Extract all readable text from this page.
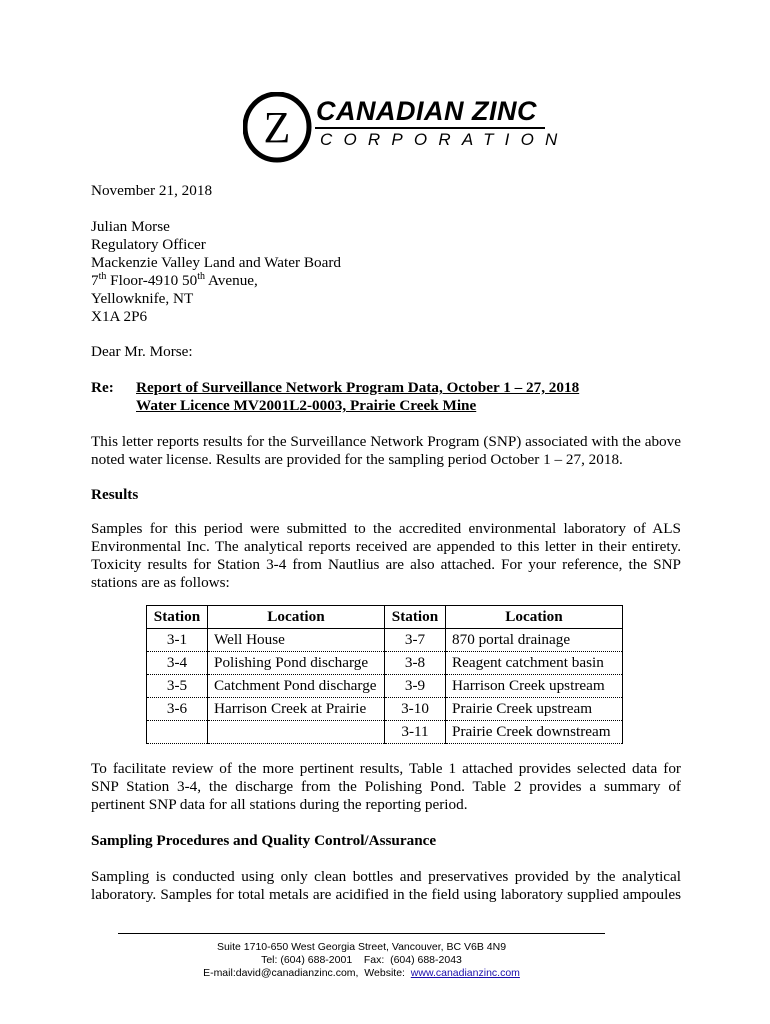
Z CANADIAN ZINC
CORPORATION
November 21, 2018
Julian Morse
Regulatory Officer
Mackenzie Valley Land and Water Board
7th Floor-4910 50th Avenue,
Yellowknife, NT
X1A 2P6
Dear Mr. Morse:
Re: Report of Surveillance Network Program Data, October 1 – 27, 2018
Water Licence MV2001L2-0003, Prairie Creek Mine
This letter reports results for the Surveillance Network Program (SNP) associated with the above
noted water license. Results are provided for the sampling period October 1 – 27, 2018.
Results
Samples for this period were submitted to the accredited environmental laboratory of ALS
Environmental Inc. The analytical reports received are appended to this letter in their entirety.
Toxicity results for Station 3-4 from Nautlius are also attached. For your reference, the SNP
stations are as follows:
Station	Location	Station	Location
3-1	Well House	3-7	870 portal drainage
3-4	Polishing Pond discharge	3-8	Reagent catchment basin
3-5	Catchment Pond discharge	3-9	Harrison Creek upstream
3-6	Harrison Creek at Prairie	3-10	Prairie Creek upstream
		3-11	Prairie Creek downstream
To facilitate review of the more pertinent results, Table 1 attached provides selected data for
SNP Station 3-4, the discharge from the Polishing Pond. Table 2 provides a summary of
pertinent SNP data for all stations during the reporting period.
Sampling Procedures and Quality Control/Assurance
Sampling is conducted using only clean bottles and preservatives provided by the analytical
laboratory. Samples for total metals are acidified in the field using laboratory supplied ampoules
Suite 1710-650 West Georgia Street, Vancouver, BC V6B 4N9
Tel: (604) 688-2001    Fax:  (604) 688-2043
E-mail:david@canadianzinc.com,  Website:  www.canadianzinc.com
